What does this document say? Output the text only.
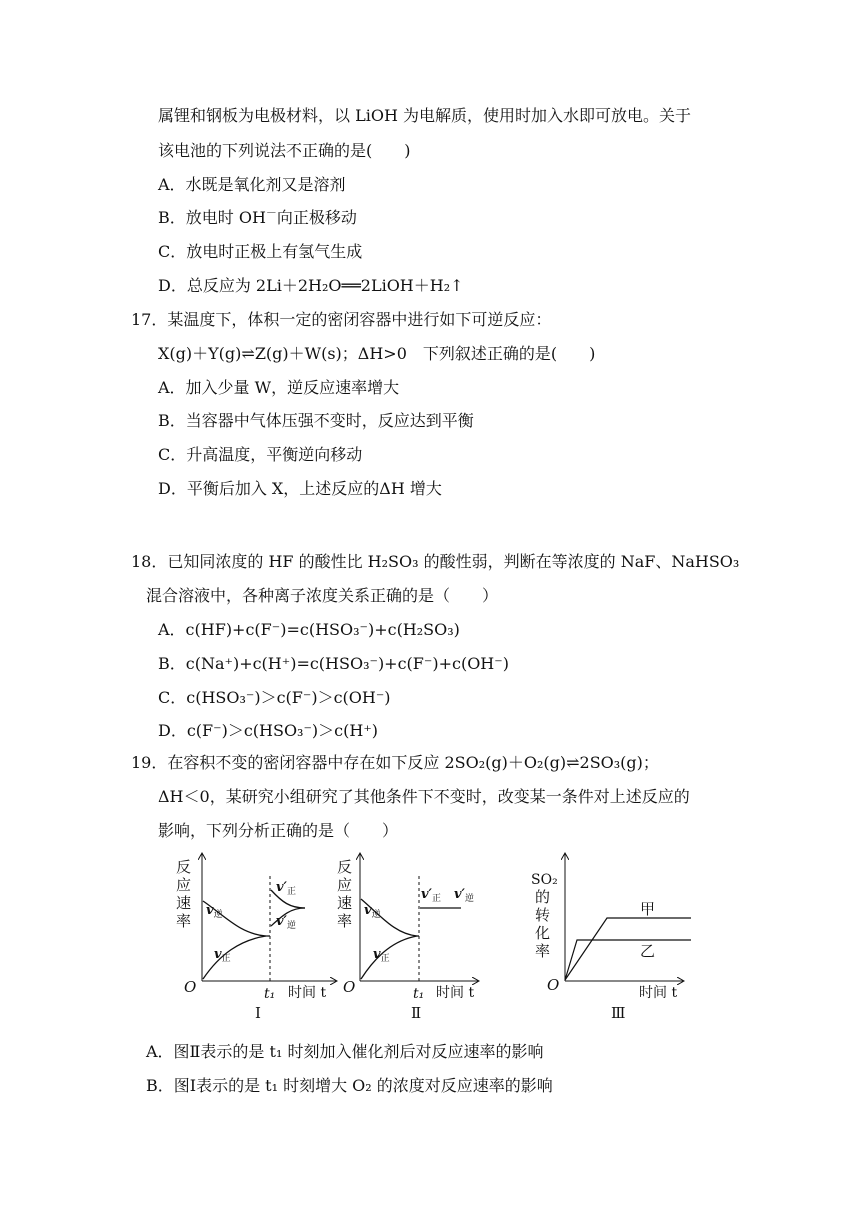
属锂和钢板为电极材料，以 LiOH 为电解质，使用时加入水即可放电。关于
该电池的下列说法不正确的是(　　)
A．水既是氧化剂又是溶剂
B．放电时 OH－向正极移动
C．放电时正极上有氢气生成
D．总反应为 2Li＋2H₂O══2LiOH＋H₂↑
17．某温度下，体积一定的密闭容器中进行如下可逆反应：
X(g)＋Y(g)⇌Z(g)＋W(s)；ΔH>0　下列叙述正确的是(　　)
A．加入少量 W，逆反应速率增大
B．当容器中气体压强不变时，反应达到平衡
C．升高温度，平衡逆向移动
D．平衡后加入 X，上述反应的ΔH 增大
18．已知同浓度的 HF 的酸性比 H₂SO₃ 的酸性弱，判断在等浓度的 NaF、NaHSO₃
混合溶液中，各种离子浓度关系正确的是（　　）
A．c(HF)+c(F⁻)=c(HSO₃⁻)+c(H₂SO₃)
B．c(Na⁺)+c(H⁺)=c(HSO₃⁻)+c(F⁻)+c(OH⁻)
C．c(HSO₃⁻)＞c(F⁻)＞c(OH⁻)
D．c(F⁻)＞c(HSO₃⁻)＞c(H⁺)
19．在容积不变的密闭容器中存在如下反应 2SO₂(g)＋O₂(g)⇌2SO₃(g)；
ΔH＜0，某研究小组研究了其他条件下不变时，改变某一条件对上述反应的
影响，下列分析正确的是（　　）
反
应
速
率
$v_逆$
$v_正$
$v'_正$
$v'_逆$
O	t₁ 时间 t
Ⅰ
反
应
速
率
$v_逆$
$v_正$
$v'_正$ $v'_逆$
O	t₁ 时间 t
Ⅱ
SO₂
的
转
化
率
甲
乙
O	时间 t
Ⅲ
A．图Ⅱ表示的是 t₁ 时刻加入催化剂后对反应速率的影响
B．图Ⅰ表示的是 t₁ 时刻增大 O₂ 的浓度对反应速率的影响
